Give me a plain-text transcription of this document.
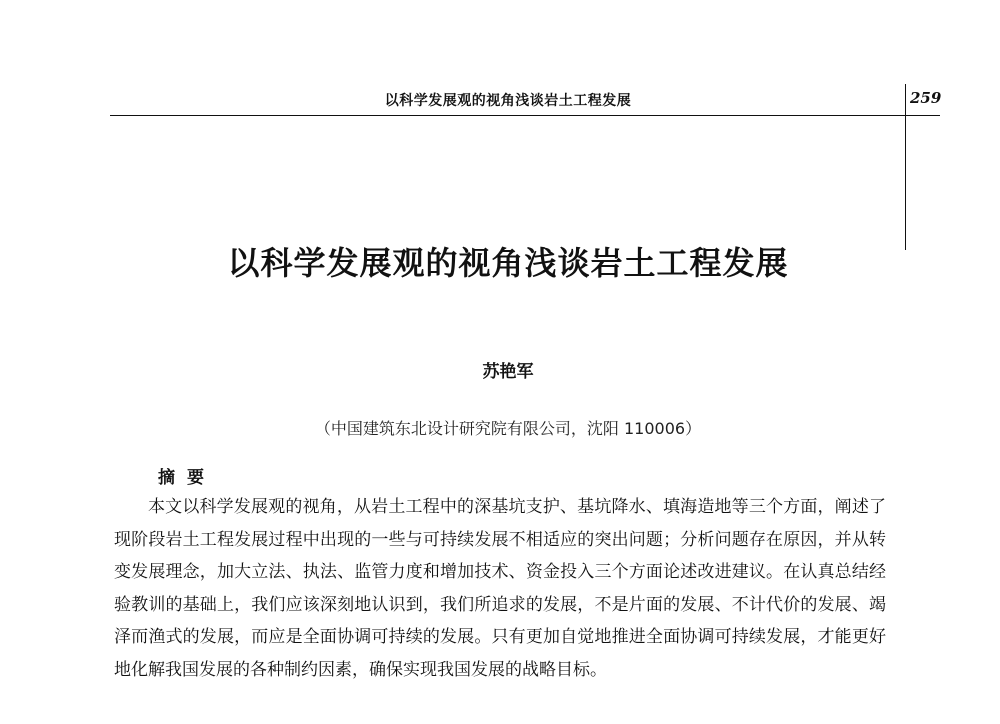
以科学发展观的视角浅谈岩土工程发展	259
以科学发展观的视角浅谈岩土工程发展
苏艳军
（中国建筑东北设计研究院有限公司，沈阳 110006）
摘要

本文以科学发展观的视角，从岩土工程中的深基坑支护、基坑降水、填海造地等三个方面，阐述了现阶段岩土工程发展过程中出现的一些与可持续发展不相适应的突出问题；分析问题存在原因，并从转变发展理念，加大立法、执法、监管力度和增加技术、资金投入三个方面论述改进建议。在认真总结经验教训的基础上，我们应该深刻地认识到，我们所追求的发展，不是片面的发展、不计代价的发展、竭泽而渔式的发展，而应是全面协调可持续的发展。只有更加自觉地推进全面协调可持续发展，才能更好地化解我国发展的各种制约因素，确保实现我国发展的战略目标。
